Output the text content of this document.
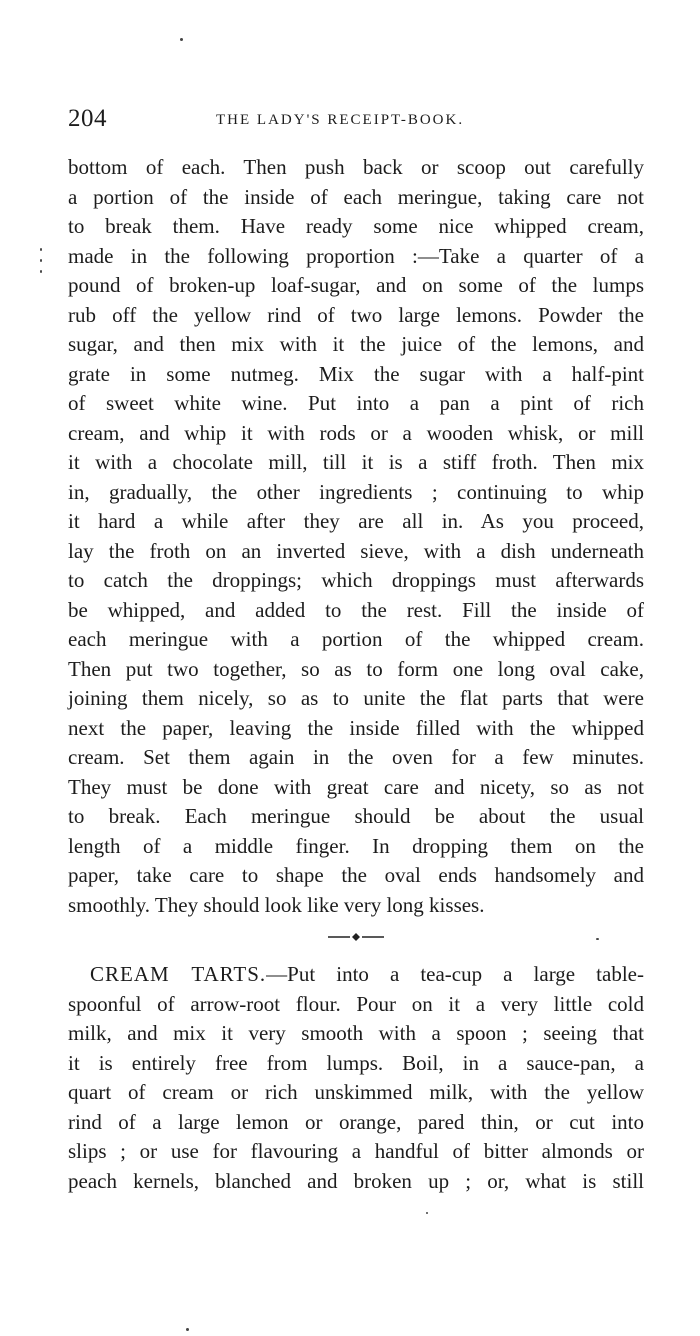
204	THE LADY'S RECEIPT-BOOK.
bottom of each. Then push back or scoop out carefully
a portion of the inside of each meringue, taking care not
to break them. Have ready some nice whipped cream,
made in the following proportion :—Take a quarter of a
pound of broken-up loaf-sugar, and on some of the lumps
rub off the yellow rind of two large lemons. Powder the
sugar, and then mix with it the juice of the lemons, and
grate in some nutmeg. Mix the sugar with a half-pint
of sweet white wine. Put into a pan a pint of rich
cream, and whip it with rods or a wooden whisk, or mill
it with a chocolate mill, till it is a stiff froth. Then mix
in, gradually, the other ingredients ; continuing to whip
it hard a while after they are all in. As you proceed,
lay the froth on an inverted sieve, with a dish underneath
to catch the droppings; which droppings must afterwards
be whipped, and added to the rest. Fill the inside of
each meringue with a portion of the whipped cream.
Then put two together, so as to form one long oval cake,
joining them nicely, so as to unite the flat parts that were
next the paper, leaving the inside filled with the whipped
cream. Set them again in the oven for a few minutes.
They must be done with great care and nicety, so as not
to break. Each meringue should be about the usual
length of a middle finger. In dropping them on the
paper, take care to shape the oval ends handsomely and
smoothly. They should look like very long kisses.
CREAM TARTS.—Put into a tea-cup a large table-
spoonful of arrow-root flour. Pour on it a very little cold
milk, and mix it very smooth with a spoon ; seeing that
it is entirely free from lumps. Boil, in a sauce-pan, a
quart of cream or rich unskimmed milk, with the yellow
rind of a large lemon or orange, pared thin, or cut into
slips ; or use for flavouring a handful of bitter almonds or
peach kernels, blanched and broken up ; or, what is still
